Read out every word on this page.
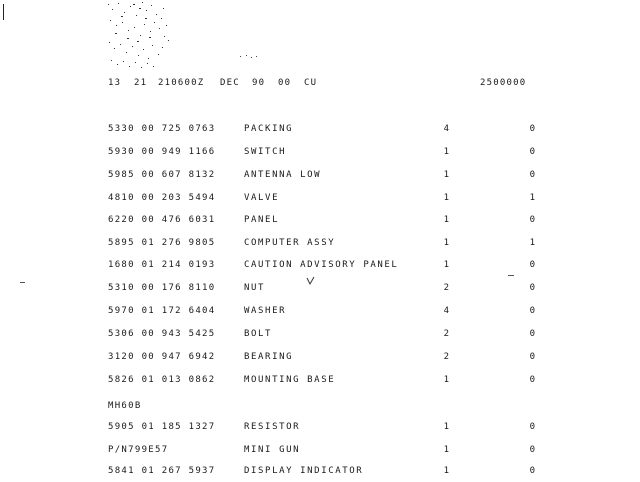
13 21 210600Z DEC 90 00 CU	2500000
5330 00 725 0763	PACKING	4	0
5930 00 949 1166	SWITCH	1	0
5985 00 607 8132	ANTENNA LOW	1	0
4810 00 203 5494	VALVE	1	1
6220 00 476 6031	PANEL	1	0
5895 01 276 9805	COMPUTER ASSY	1	1
1680 01 214 0193	CAUTION ADVISORY PANEL	1	0
5310 00 176 8110	NUT	2	0
5970 01 172 6404	WASHER	4	0
5306 00 943 5425	BOLT	2	0
3120 00 947 6942	BEARING	2	0
5826 01 013 0862	MOUNTING BASE	1	0
MH60B
5905 01 185 1327	RESISTOR	1	0
P/N799E57	MINI GUN	1	0
5841 01 267 5937	DISPLAY INDICATOR	1	0
